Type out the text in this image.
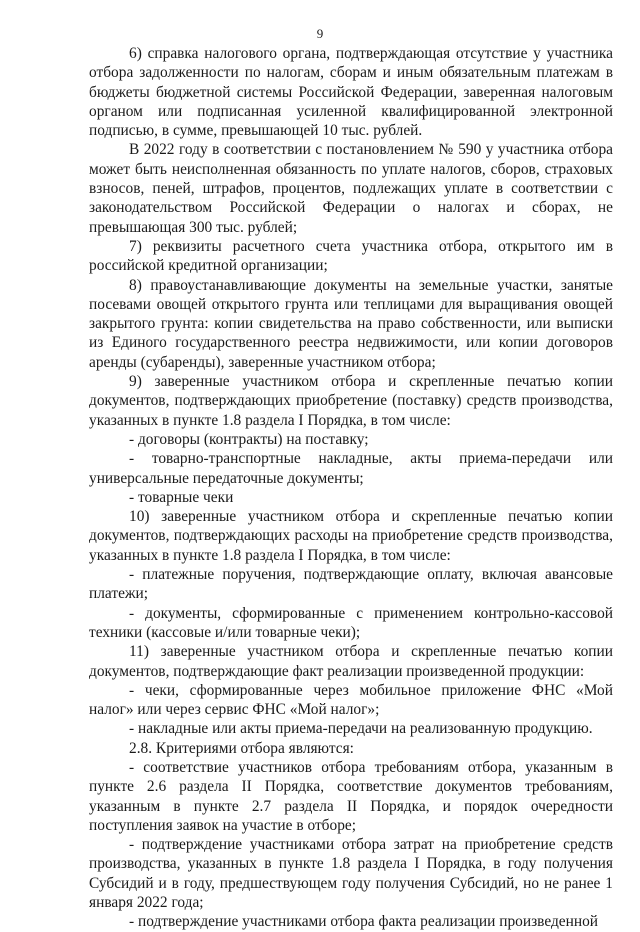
9

6) справка налогового органа, подтверждающая отсутствие у участника отбора задолженности по налогам, сборам и иным обязательным платежам в бюджеты бюджетной системы Российской Федерации, заверенная налоговым органом или подписанная усиленной квалифицированной электронной подписью, в сумме, превышающей 10 тыс. рублей.

В 2022 году в соответствии с постановлением № 590 у участника отбора может быть неисполненная обязанность по уплате налогов, сборов, страховых взносов, пеней, штрафов, процентов, подлежащих уплате в соответствии с законодательством Российской Федерации о налогах и сборах, не превышающая 300 тыс. рублей;

7) реквизиты расчетного счета участника отбора, открытого им в российской кредитной организации;

8) правоустанавливающие документы на земельные участки, занятые посевами овощей открытого грунта или теплицами для выращивания овощей закрытого грунта: копии свидетельства на право собственности, или выписки из Единого государственного реестра недвижимости, или копии договоров аренды (субаренды), заверенные участником отбора;

9) заверенные участником отбора и скрепленные печатью копии документов, подтверждающих приобретение (поставку) средств производства, указанных в пункте 1.8 раздела I Порядка, в том числе:

- договоры (контракты) на поставку;

- товарно-транспортные накладные, акты приема-передачи или универсальные передаточные документы;

- товарные чеки

10) заверенные участником отбора и скрепленные печатью копии документов, подтверждающих расходы на приобретение средств производства, указанных в пункте 1.8 раздела I Порядка, в том числе:

- платежные поручения, подтверждающие оплату, включая авансовые платежи;

- документы, сформированные с применением контрольно-кассовой техники (кассовые и/или товарные чеки);

11) заверенные участником отбора и скрепленные печатью копии документов, подтверждающие факт реализации произведенной продукции:

- чеки, сформированные через мобильное приложение ФНС «Мой налог» или через сервис ФНС «Мой налог»;

- накладные или акты приема-передачи на реализованную продукцию.

2.8. Критериями отбора являются:

- соответствие участников отбора требованиям отбора, указанным в пункте 2.6 раздела II Порядка, соответствие документов требованиям, указанным в пункте 2.7 раздела II Порядка, и порядок очередности поступления заявок на участие в отборе;

- подтверждение участниками отбора затрат на приобретение средств производства, указанных в пункте 1.8 раздела I Порядка, в году получения Субсидий и в году, предшествующем году получения Субсидий, но не ранее 1 января 2022 года;

- подтверждение участниками отбора факта реализации произведенной
